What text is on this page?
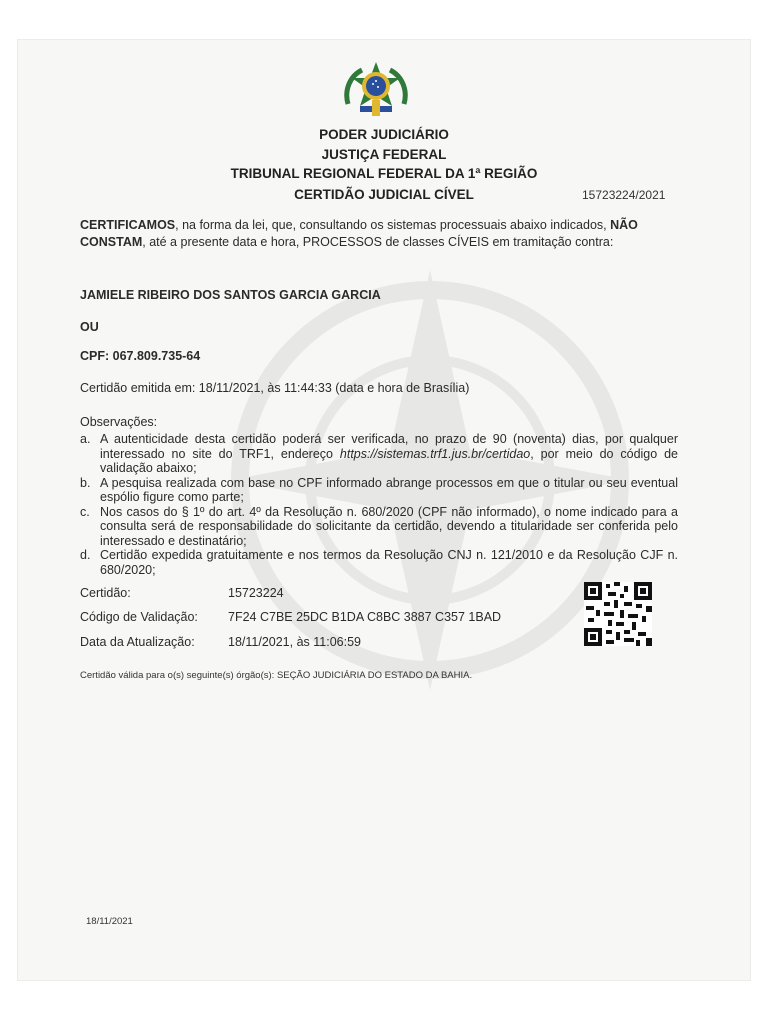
PODER JUDICIÁRIO
JUSTIÇA FEDERAL
TRIBUNAL REGIONAL FEDERAL DA 1ª REGIÃO
CERTIDÃO JUDICIAL CÍVEL	15723224/2021
CERTIFICAMOS, na forma da lei, que, consultando os sistemas processuais abaixo indicados, NÃO CONSTAM, até a presente data e hora, PROCESSOS de classes CÍVEIS em tramitação contra:
JAMIELE RIBEIRO DOS SANTOS GARCIA GARCIA
OU
CPF: 067.809.735-64
Certidão emitida em: 18/11/2021, às 11:44:33 (data e hora de Brasília)
Observações:
a. A autenticidade desta certidão poderá ser verificada, no prazo de 90 (noventa) dias, por qualquer interessado no site do TRF1, endereço https://sistemas.trf1.jus.br/certidao, por meio do código de validação abaixo;
b. A pesquisa realizada com base no CPF informado abrange processos em que o titular ou seu eventual espólio figure como parte;
c. Nos casos do § 1º do art. 4º da Resolução n. 680/2020 (CPF não informado), o nome indicado para a consulta será de responsabilidade do solicitante da certidão, devendo a titularidade ser conferida pelo interessado e destinatário;
d. Certidão expedida gratuitamente e nos termos da Resolução CNJ n. 121/2010 e da Resolução CJF n. 680/2020;
Certidão:	15723224
Código de Validação: 7F24 C7BE 25DC B1DA C8BC 3887 C357 1BAD
Data da Atualização:	18/11/2021, às 11:06:59
Certidão válida para o(s) seguinte(s) órgão(s): SEÇÃO JUDICIÁRIA DO ESTADO DA BAHIA.
18/11/2021
